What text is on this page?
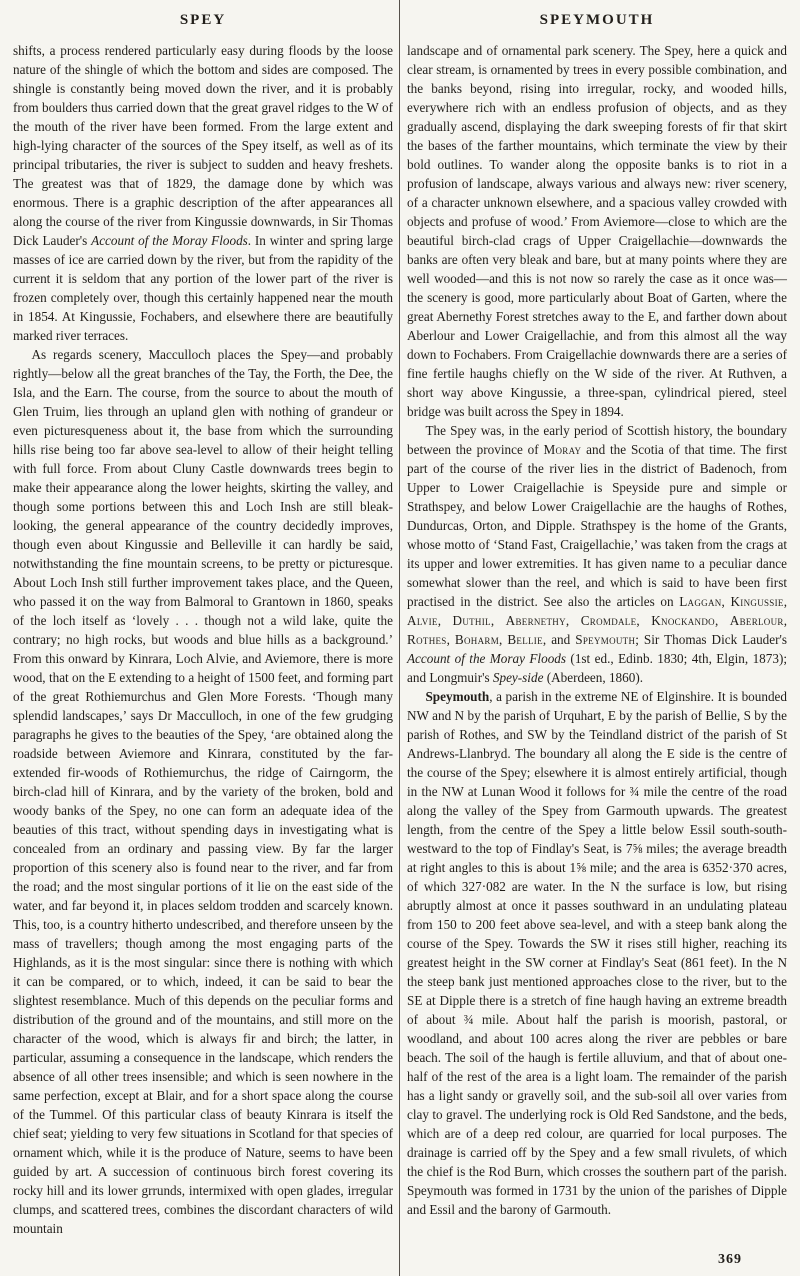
SPEY

shifts, a process rendered particularly easy during floods by the loose nature of the shingle of which the bottom and sides are composed. The shingle is constantly being moved down the river, and it is probably from boulders thus carried down that the great gravel ridges to the W of the mouth of the river have been formed. From the large extent and high-lying character of the sources of the Spey itself, as well as of its principal tributaries, the river is subject to sudden and heavy freshets. The greatest was that of 1829, the damage done by which was enormous. There is a graphic description of the after appearances all along the course of the river from Kingussie downwards, in Sir Thomas Dick Lauder's Account of the Moray Floods. In winter and spring large masses of ice are carried down by the river, but from the rapidity of the current it is seldom that any portion of the lower part of the river is frozen completely over, though this certainly happened near the mouth in 1854. At Kingussie, Fochabers, and elsewhere there are beautifully marked river terraces.

As regards scenery, Macculloch places the Spey—and probably rightly—below all the great branches of the Tay, the Forth, the Dee, the Isla, and the Earn. The course, from the source to about the mouth of Glen Truim, lies through an upland glen with nothing of grandeur or even picturesqueness about it, the base from which the surrounding hills rise being too far above sea-level to allow of their height telling with full force. From about Cluny Castle downwards trees begin to make their appearance along the lower heights, skirting the valley, and though some portions between this and Loch Insh are still bleak-looking, the general appearance of the country decidedly improves, though even about Kingussie and Belleville it can hardly be said, notwithstanding the fine mountain screens, to be pretty or picturesque. About Loch Insh still further improvement takes place, and the Queen, who passed it on the way from Balmoral to Grantown in 1860, speaks of the loch itself as ‘lovely . . . though not a wild lake, quite the contrary; no high rocks, but woods and blue hills as a background.’ From this onward by Kinrara, Loch Alvie, and Aviemore, there is more wood, that on the E extending to a height of 1500 feet, and forming part of the great Rothiemurchus and Glen More Forests. ‘Though many splendid landscapes,’ says Dr Macculloch, in one of the few grudging paragraphs he gives to the beauties of the Spey, ‘are obtained along the roadside between Aviemore and Kinrara, constituted by the far-extended fir-woods of Rothiemurchus, the ridge of Cairngorm, the birch-clad hill of Kinrara, and by the variety of the broken, bold and woody banks of the Spey, no one can form an adequate idea of the beauties of this tract, without spending days in investigating what is concealed from an ordinary and passing view. By far the larger proportion of this scenery also is found near to the river, and far from the road; and the most singular portions of it lie on the east side of the water, and far beyond it, in places seldom trodden and scarcely known. This, too, is a country hitherto undescribed, and therefore unseen by the mass of travellers; though among the most engaging parts of the Highlands, as it is the most singular: since there is nothing with which it can be compared, or to which, indeed, it can be said to bear the slightest resemblance. Much of this depends on the peculiar forms and distribution of the ground and of the mountains, and still more on the character of the wood, which is always fir and birch; the latter, in particular, assuming a consequence in the landscape, which renders the absence of all other trees insensible; and which is seen nowhere in the same perfection, except at Blair, and for a short space along the course of the Tummel. Of this particular class of beauty Kinrara is itself the chief seat; yielding to very few situations in Scotland for that species of ornament which, while it is the produce of Nature, seems to have been guided by art. A succession of continuous birch forest covering its rocky hill and its lower grrunds, intermixed with open glades, irregular clumps, and scattered trees, combines the discordant characters of wild mountain

SPEYMOUTH

landscape and of ornamental park scenery. The Spey, here a quick and clear stream, is ornamented by trees in every possible combination, and the banks beyond, rising into irregular, rocky, and wooded hills, everywhere rich with an endless profusion of objects, and as they gradually ascend, displaying the dark sweeping forests of fir that skirt the bases of the farther mountains, which terminate the view by their bold outlines. To wander along the opposite banks is to riot in a profusion of landscape, always various and always new: river scenery, of a character unknown elsewhere, and a spacious valley crowded with objects and profuse of wood.’ From Aviemore—close to which are the beautiful birch-clad crags of Upper Craigellachie—downwards the banks are often very bleak and bare, but at many points where they are well wooded—and this is not now so rarely the case as it once was—the scenery is good, more particularly about Boat of Garten, where the great Abernethy Forest stretches away to the E, and farther down about Aberlour and Lower Craigellachie, and from this almost all the way down to Fochabers. From Craigellachie downwards there are a series of fine fertile haughs chiefly on the W side of the river. At Ruthven, a short way above Kingussie, a three-span, cylindrical piered, steel bridge was built across the Spey in 1894.

The Spey was, in the early period of Scottish history, the boundary between the province of Moray and the Scotia of that time. The first part of the course of the river lies in the district of Badenoch, from Upper to Lower Craigellachie is Speyside pure and simple or Strathspey, and below Lower Craigellachie are the haughs of Rothes, Dundurcas, Orton, and Dipple. Strathspey is the home of the Grants, whose motto of ‘Stand Fast, Craigellachie,’ was taken from the crags at its upper and lower extremities. It has given name to a peculiar dance somewhat slower than the reel, and which is said to have been first practised in the district. See also the articles on Laggan, Kingussie, Alvie, Duthil, Abernethy, Cromdale, Knockando, Aberlour, Rothes, Boharm, Bellie, and Speymouth; Sir Thomas Dick Lauder's Account of the Moray Floods (1st ed., Edinb. 1830; 4th, Elgin, 1873); and Longmuir's Spey-side (Aberdeen, 1860).

Speymouth, a parish in the extreme NE of Elginshire. It is bounded NW and N by the parish of Urquhart, E by the parish of Bellie, S by the parish of Rothes, and SW by the Teindland district of the parish of St Andrews-Llanbryd. The boundary all along the E side is the centre of the course of the Spey; elsewhere it is almost entirely artificial, though in the NW at Lunan Wood it follows for ¾ mile the centre of the road along the valley of the Spey from Garmouth upwards. The greatest length, from the centre of the Spey a little below Essil south-south-westward to the top of Findlay's Seat, is 7⅝ miles; the average breadth at right angles to this is about 1⅝ mile; and the area is 6352·370 acres, of which 327·082 are water. In the N the surface is low, but rising abruptly almost at once it passes southward in an undulating plateau from 150 to 200 feet above sea-level, and with a steep bank along the course of the Spey. Towards the SW it rises still higher, reaching its greatest height in the SW corner at Findlay's Seat (861 feet). In the N the steep bank just mentioned approaches close to the river, but to the SE at Dipple there is a stretch of fine haugh having an extreme breadth of about ¾ mile. About half the parish is moorish, pastoral, or woodland, and about 100 acres along the river are pebbles or bare beach. The soil of the haugh is fertile alluvium, and that of about one-half of the rest of the area is a light loam. The remainder of the parish has a light sandy or gravelly soil, and the sub-soil all over varies from clay to gravel. The underlying rock is Old Red Sandstone, and the beds, which are of a deep red colour, are quarried for local purposes. The drainage is carried off by the Spey and a few small rivulets, of which the chief is the Rod Burn, which crosses the southern part of the parish. Speymouth was formed in 1731 by the union of the parishes of Dipple and Essil and the barony of Garmouth.

369
